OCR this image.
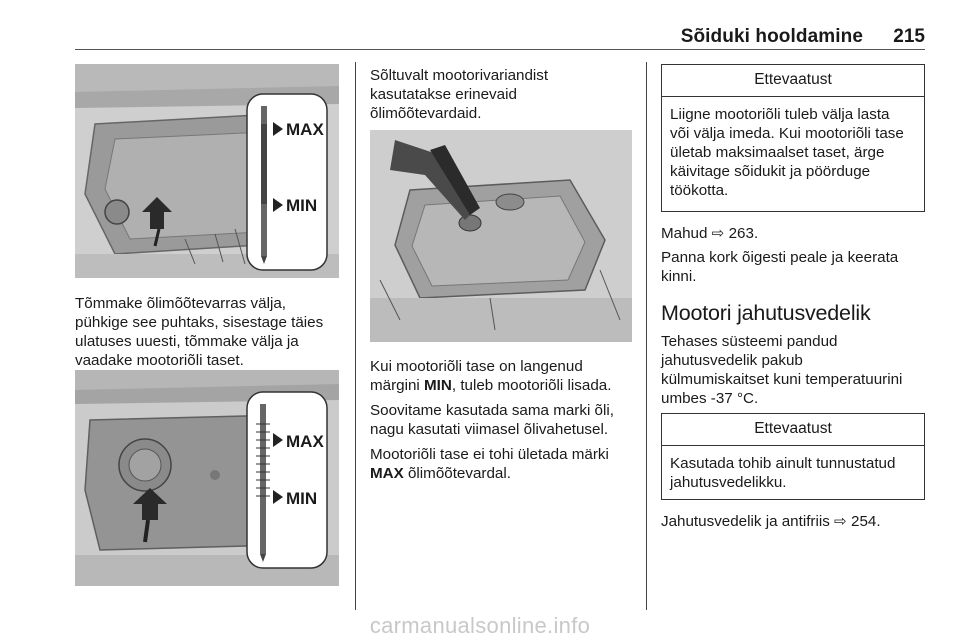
Sõiduki hooldamine 215
MAX
MIN

Tõmmake õlimõõtevarras välja,
pühkige see puhtaks, sisestage täies
ulatuses uuesti, tõmmake välja ja
vaadake mootoriõli taset.

MAX
MIN

Sõltuvalt mootorivariandist
kasutatakse erinevaid
õlimõõtevardaid.

Kui mootoriõli tase on langenud
märgini MIN, tuleb mootoriõli lisada.

Soovitame kasutada sama marki õli,
nagu kasutati viimasel õlivahetusel.

Mootoriõli tase ei tohi ületada märki
MAX õlimõõtevardal.

Ettevaatust
Liigne mootoriõli tuleb välja lasta
või välja imeda. Kui mootoriõli tase
ületab maksimaalset taset, ärge
käivitage sõidukit ja pöörduge
töökotta.

Mahud ⇨ 263.

Panna kork õigesti peale ja keerata
kinni.

Mootori jahutusvedelik

Tehases süsteemi pandud
jahutusvedelik pakub
külmumiskaitset kuni temperatuurini
umbes -37 °C.

Ettevaatust
Kasutada tohib ainult tunnustatud
jahutusvedelikku.

Jahutusvedelik ja antifriis ⇨ 254.

carmanualsonline.info
